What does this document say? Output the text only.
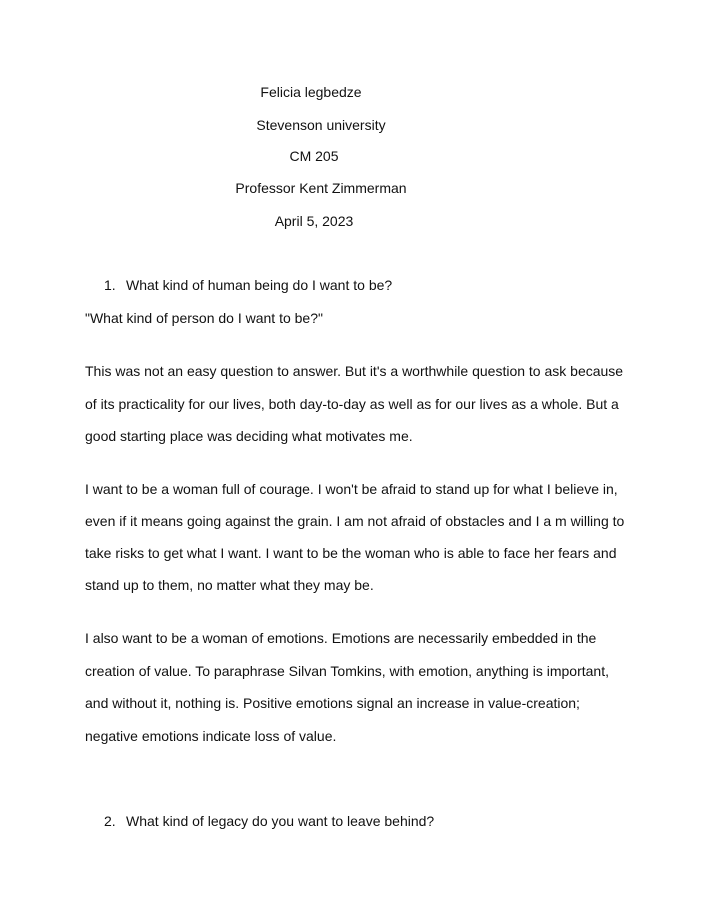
Felicia legbedze
Stevenson university
CM 205
Professor Kent Zimmerman
April 5, 2023
1. What kind of human being do I want to be?
"What kind of person do I want to be?"
This was not an easy question to answer. But it's a worthwhile question to ask because
of its practicality for our lives, both day-to-day as well as for our lives as a whole. But a
good starting place was deciding what motivates me.
I want to be a woman full of courage. I won't be afraid to stand up for what I believe in,
even if it means going against the grain. I am not afraid of obstacles and I a m willing to
take risks to get what I want. I want to be the woman who is able to face her fears and
stand up to them, no matter what they may be.
I also want to be a woman of emotions. Emotions are necessarily embedded in the
creation of value. To paraphrase Silvan Tomkins, with emotion, anything is important,
and without it, nothing is. Positive emotions signal an increase in value-creation;
negative emotions indicate loss of value.
2. What kind of legacy do you want to leave behind?
